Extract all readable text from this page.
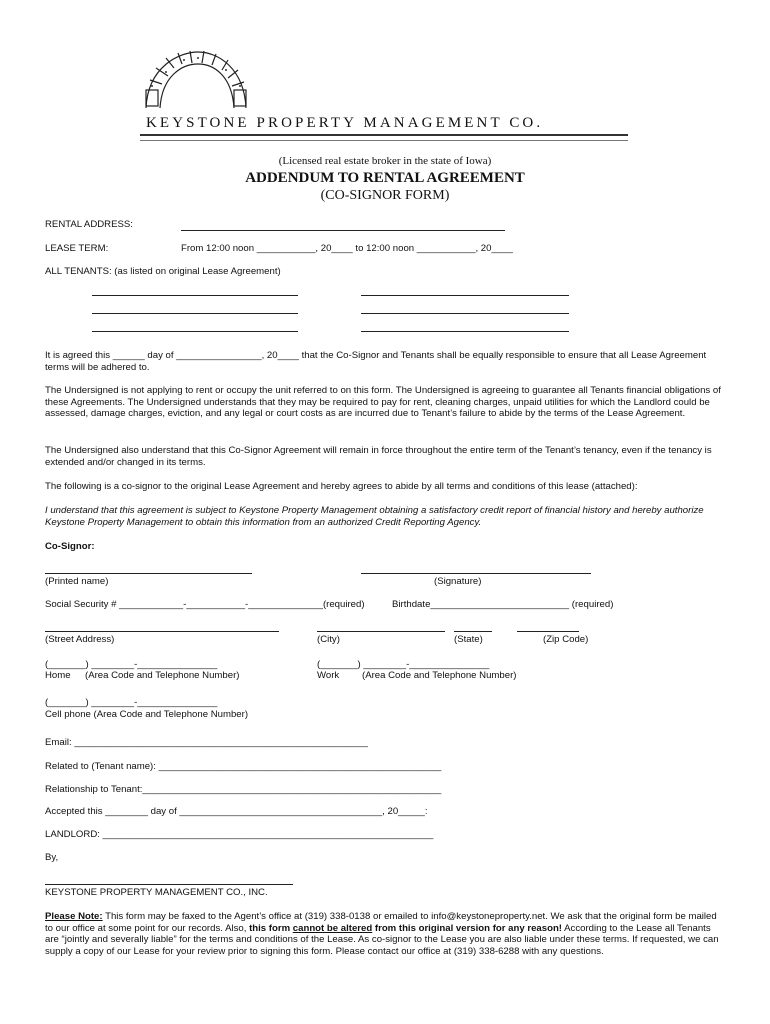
KEYSTONE PROPERTY MANAGEMENT CO.
(Licensed real estate broker in the state of Iowa)
ADDENDUM TO RENTAL AGREEMENT
(CO-SIGNOR FORM)
RENTAL ADDRESS:
LEASE TERM:	From 12:00 noon ___________, 20____ to 12:00 noon ___________, 20____
ALL TENANTS: (as listed on original Lease Agreement)
It is agreed this ______ day of ________________, 20____ that the Co-Signor and Tenants shall be equally responsible to ensure that all Lease Agreement terms will be adhered to.
The Undersigned is not applying to rent or occupy the unit referred to on this form. The Undersigned is agreeing to guarantee all Tenants financial obligations of these Agreements. The Undersigned understands that they may be required to pay for rent, cleaning charges, unpaid utilities for which the Landlord could be assessed, damage charges, eviction, and any legal or court costs as are incurred due to Tenant’s failure to abide by the terms of the Lease Agreement.
The Undersigned also understand that this Co-Signor Agreement will remain in force throughout the entire term of the Tenant’s tenancy, even if the tenancy is extended and/or changed in its terms.
The following is a co-signor to the original Lease Agreement and hereby agrees to abide by all terms and conditions of this lease (attached):
I understand that this agreement is subject to Keystone Property Management obtaining a satisfactory credit report of financial history and hereby authorize Keystone Property Management to obtain this information from an authorized Credit Reporting Agency.
Co-Signor:
(Printed name)	(Signature)
Social Security # ____________-___________-______________(required)	Birthdate__________________________ (required)
(Street Address)	(City)	(State)	(Zip Code)
(_______) ________-_______________	(_______) ________-_______________
Home (Area Code and Telephone Number)	Work (Area Code and Telephone Number)
(_______) ________-_______________
Cell phone (Area Code and Telephone Number)
Email: _______________________________________________________
Related to (Tenant name): _____________________________________________________
Relationship to Tenant:________________________________________________________
Accepted this ________ day of ______________________________________, 20_____:
LANDLORD: ______________________________________________________________
By,
KEYSTONE PROPERTY MANAGEMENT CO., INC.
Please Note: This form may be faxed to the Agent’s office at (319) 338-0138 or emailed to info@keystoneproperty.net. We ask that the original form be mailed to our office at some point for our records. Also, this form cannot be altered from this original version for any reason! According to the Lease all Tenants are “jointly and severally liable” for the terms and conditions of the Lease. As co-signor to the Lease you are also liable under these terms. If requested, we can supply a copy of our Lease for your review prior to signing this form. Please contact our office at (319) 338-6288 with any questions.
